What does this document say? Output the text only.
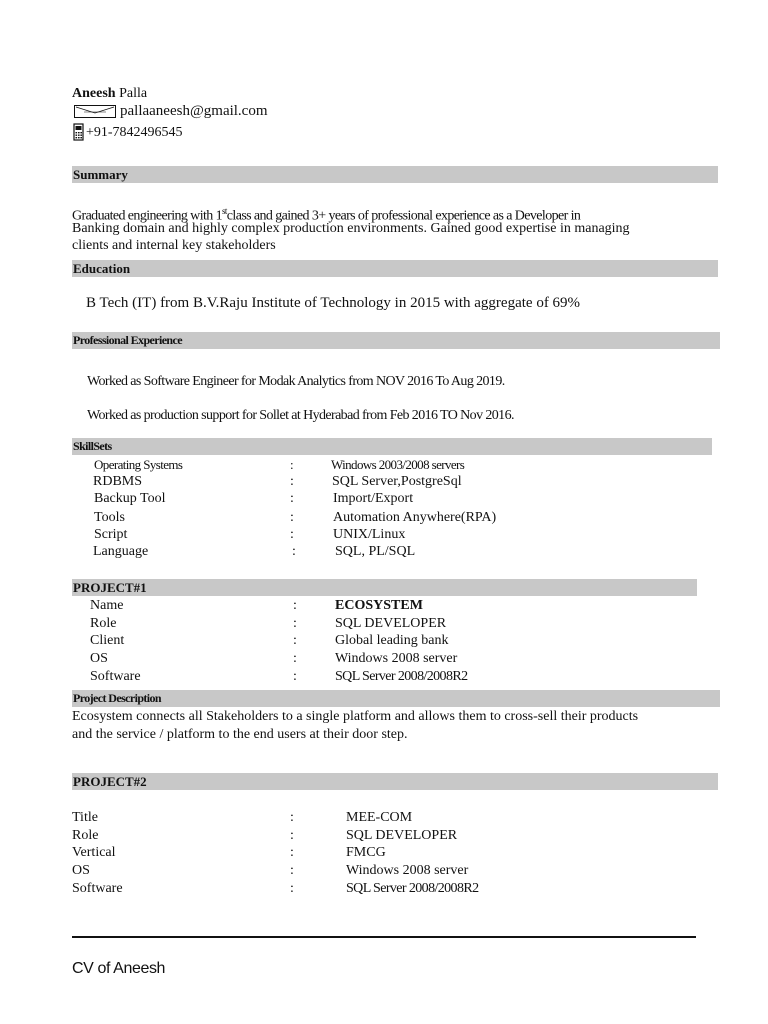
Aneesh Palla
pallaaneesh@gmail.com
+91-7842496545
Summary
Graduated engineering with 1stclass and gained 3+ years of professional experience as a Developer in
Banking domain and highly complex production environments. Gained good expertise in managing
clients and internal key stakeholders
Education
B Tech (IT) from B.V.Raju Institute of Technology in 2015 with aggregate of 69%
Professional Experience
Worked as Software Engineer for Modak Analytics from NOV 2016 To Aug 2019.
Worked as production support for Sollet at Hyderabad from Feb 2016 TO Nov 2016.
SkillSets
Operating Systems	:	Windows 2003/2008 servers
RDBMS	:	SQL Server,PostgreSql
Backup Tool	:	Import/Export
Tools	:	Automation Anywhere(RPA)
Script	:	UNIX/Linux
Language	:	SQL, PL/SQL
PROJECT#1
Name	:	ECOSYSTEM
Role	:	SQL DEVELOPER
Client	:	Global leading bank
OS	:	Windows 2008 server
Software	:	SQL Server 2008/2008R2
Project Description
Ecosystem connects all Stakeholders to a single platform and allows them to cross-sell their products
and the service / platform to the end users at their door step.
PROJECT#2
Title	:	MEE-COM
Role	:	SQL DEVELOPER
Vertical	:	FMCG
OS	:	Windows 2008 server
Software	:	SQL Server 2008/2008R2
CV of Aneesh
